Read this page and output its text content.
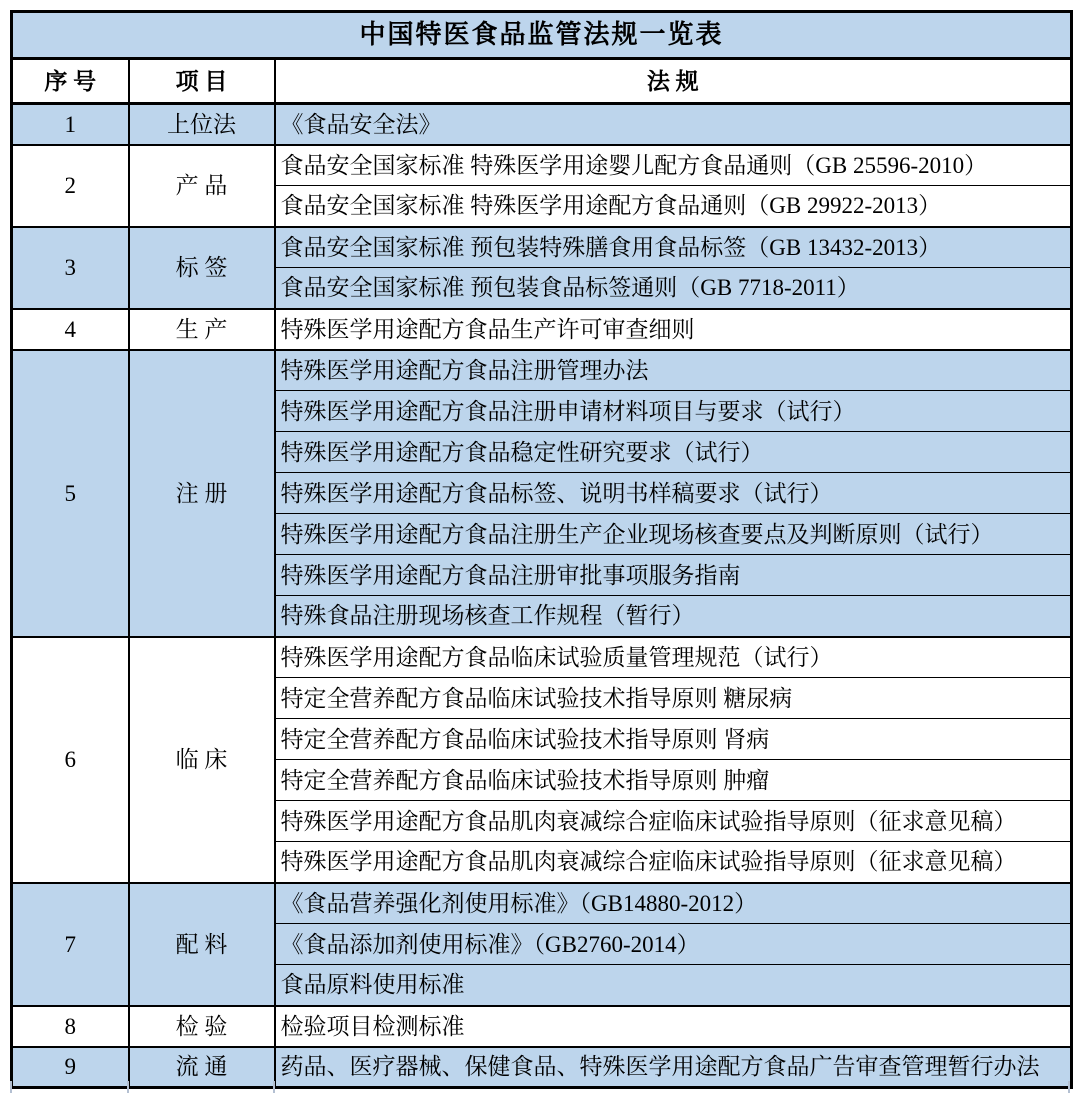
中国特医食品监管法规一览表		
序 号	项 目	法 规
1	上位法	《食品安全法》
2	产 品	食品安全国家标准 特殊医学用途婴儿配方食品通则（GB 25596-2010）
		食品安全国家标准 特殊医学用途配方食品通则（GB 29922-2013）
3	标 签	食品安全国家标准 预包装特殊膳食用食品标签（GB 13432-2013）
		食品安全国家标准 预包装食品标签通则（GB 7718-2011）
4	生 产	特殊医学用途配方食品生产许可审查细则
5	注 册	特殊医学用途配方食品注册管理办法
		特殊医学用途配方食品注册申请材料项目与要求（试行）
		特殊医学用途配方食品稳定性研究要求（试行）
		特殊医学用途配方食品标签、说明书样稿要求（试行）
		特殊医学用途配方食品注册生产企业现场核查要点及判断原则（试行）
		特殊医学用途配方食品注册审批事项服务指南
		特殊食品注册现场核查工作规程（暂行）
6	临 床	特殊医学用途配方食品临床试验质量管理规范（试行）
		特定全营养配方食品临床试验技术指导原则 糖尿病
		特定全营养配方食品临床试验技术指导原则 肾病
		特定全营养配方食品临床试验技术指导原则 肿瘤
		特殊医学用途配方食品肌肉衰减综合症临床试验指导原则（征求意见稿）
		特殊医学用途配方食品肌肉衰减综合症临床试验指导原则（征求意见稿）
7	配 料	《食品营养强化剂使用标准》（GB14880-2012）
		《食品添加剂使用标准》（GB2760-2014）
		食品原料使用标准
8	检 验	检验项目检测标准
9	流 通	药品、医疗器械、保健食品、特殊医学用途配方食品广告审查管理暂行办法
